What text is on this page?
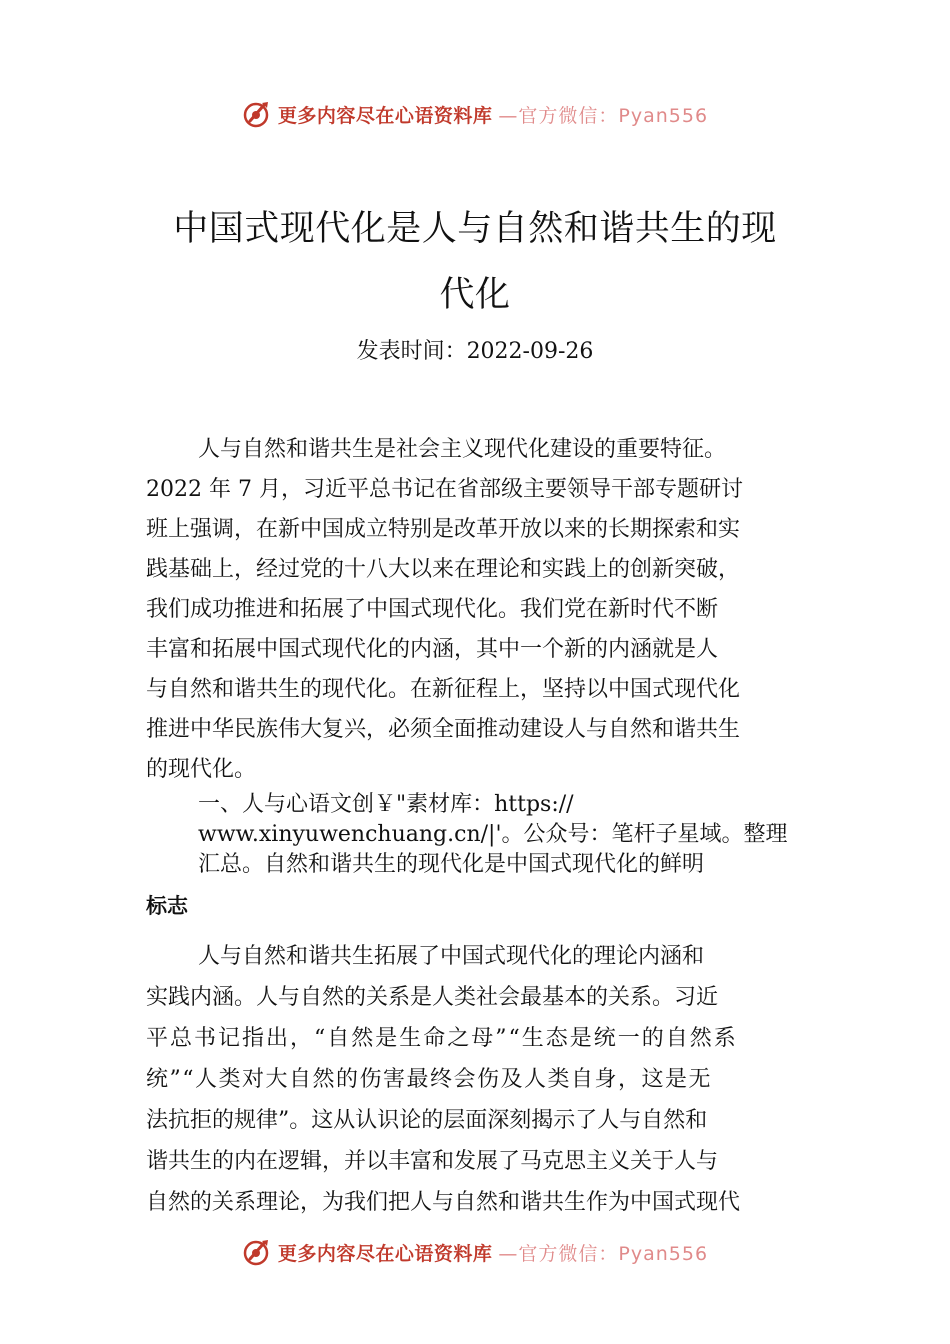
更多内容尽在心语资料库 —官方微信：Pyan556
中国式现代化是人与自然和谐共生的现
代化
发表时间：2022-09-26
人与自然和谐共生是社会主义现代化建设的重要特征。
2022 年 7 月，习近平总书记在省部级主要领导干部专题研讨
班上强调，在新中国成立特别是改革开放以来的长期探索和实
践基础上，经过党的十八大以来在理论和实践上的创新突破，
我们成功推进和拓展了中国式现代化。我们党在新时代不断
丰富和拓展中国式现代化的内涵，其中一个新的内涵就是人
与自然和谐共生的现代化。在新征程上，坚持以中国式现代化
推进中华民族伟大复兴，必须全面推动建设人与自然和谐共生
的现代化。
一、人与心语文创￥"素材库：https://
www.xinyuwenchuang.cn/|'。公众号：笔杆子星域。整理
汇总。自然和谐共生的现代化是中国式现代化的鲜明
标志
人与自然和谐共生拓展了中国式现代化的理论内涵和
实践内涵。人与自然的关系是人类社会最基本的关系。习近
平总书记指出，“自然是生命之母”“生态是统一的自然系
统”“人类对大自然的伤害最终会伤及人类自身，这是无
法抗拒的规律”。这从认识论的层面深刻揭示了人与自然和
谐共生的内在逻辑，并以丰富和发展了马克思主义关于人与
自然的关系理论，为我们把人与自然和谐共生作为中国式现代
更多内容尽在心语资料库 —官方微信：Pyan556
